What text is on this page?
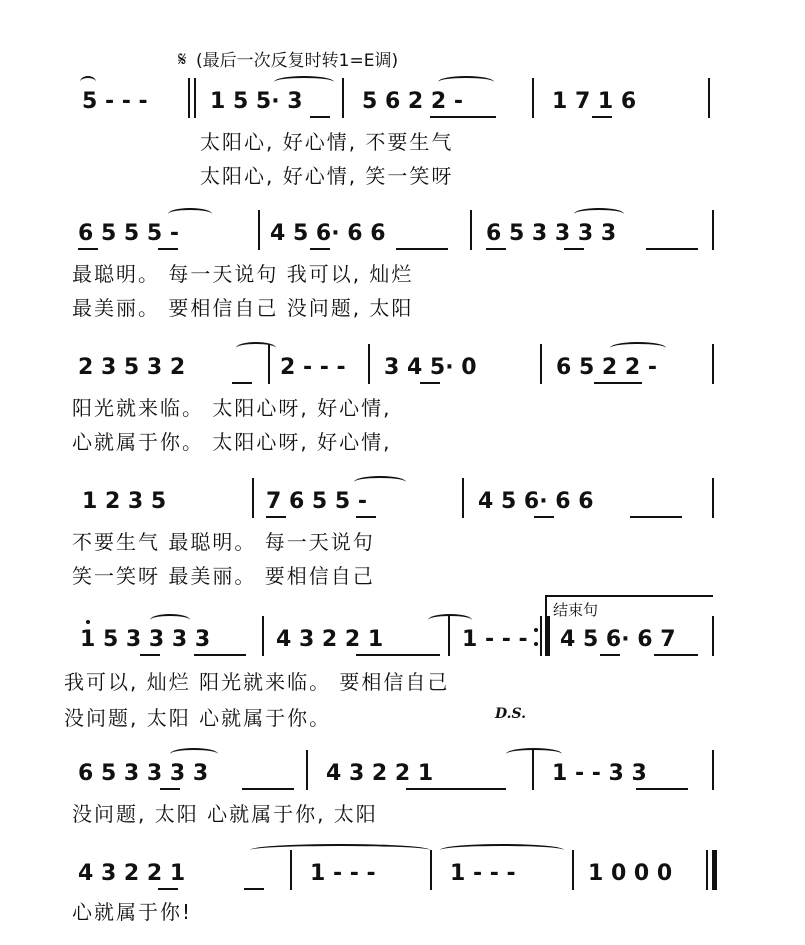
𝄋 (最后一次反复时转1=E调)
5 - - -	1 5 5· 3	5 6 2 2 -	1 7 1 6
太阳心, 好心情, 不要生气
太阳心, 好心情, 笑一笑呀
6 5 5 5 -	4 5 6· 6 6	6 5 3 3 3 3
最聪明。 每一天说句 我可以, 灿烂
最美丽。 要相信自己 没问题, 太阳
2 3 5 3 2	2 - - - 3 4 5· 0	6 5 2 2 -
阳光就来临。 太阳心呀, 好心情,
心就属于你。 太阳心呀, 好心情,
1 2 3 5	7 6 5 5 -	4 5 6· 6 6
不要生气 最聪明。 每一天说句
笑一笑呀 最美丽。 要相信自己
结束句
1 5 3 3 3 3	4 3 2 2 1	1 - - - 4 5 6· 6 7
我可以, 灿烂 阳光就来临。 要相信自己
没问题, 太阳 心就属于你。	D.S.
6 5 3 3 3 3	4 3 2 2 1	1 - - 3 3
没问题, 太阳 心就属于你, 太阳
4 3 2 2 1	1 - - -	1 - - -	1 0 0 0
心就属于你!
